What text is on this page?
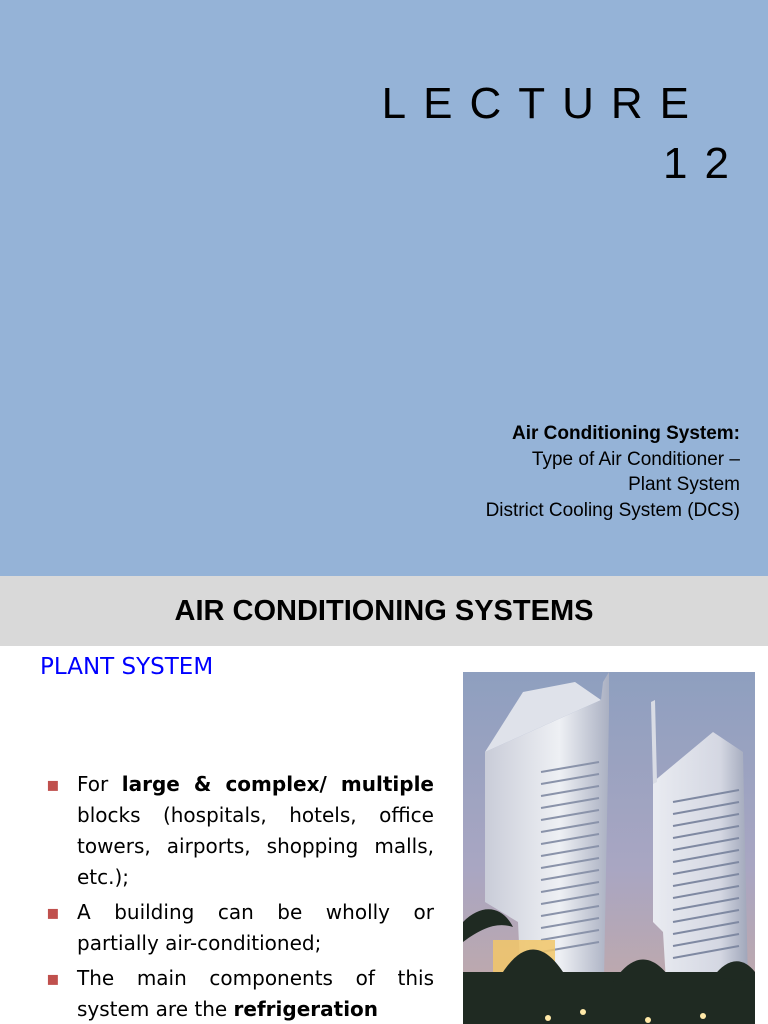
LECTURE
12
Air Conditioning System:
Type of Air Conditioner –
Plant System
District Cooling System (DCS)
AIR CONDITIONING SYSTEMS
PLANT SYSTEM
▪ For large & complex/ multiple blocks (hospitals, hotels, office towers, airports, shopping malls, etc.);
▪ A building can be wholly or partially air-conditioned;
▪ The main components of this system are the refrigeration
